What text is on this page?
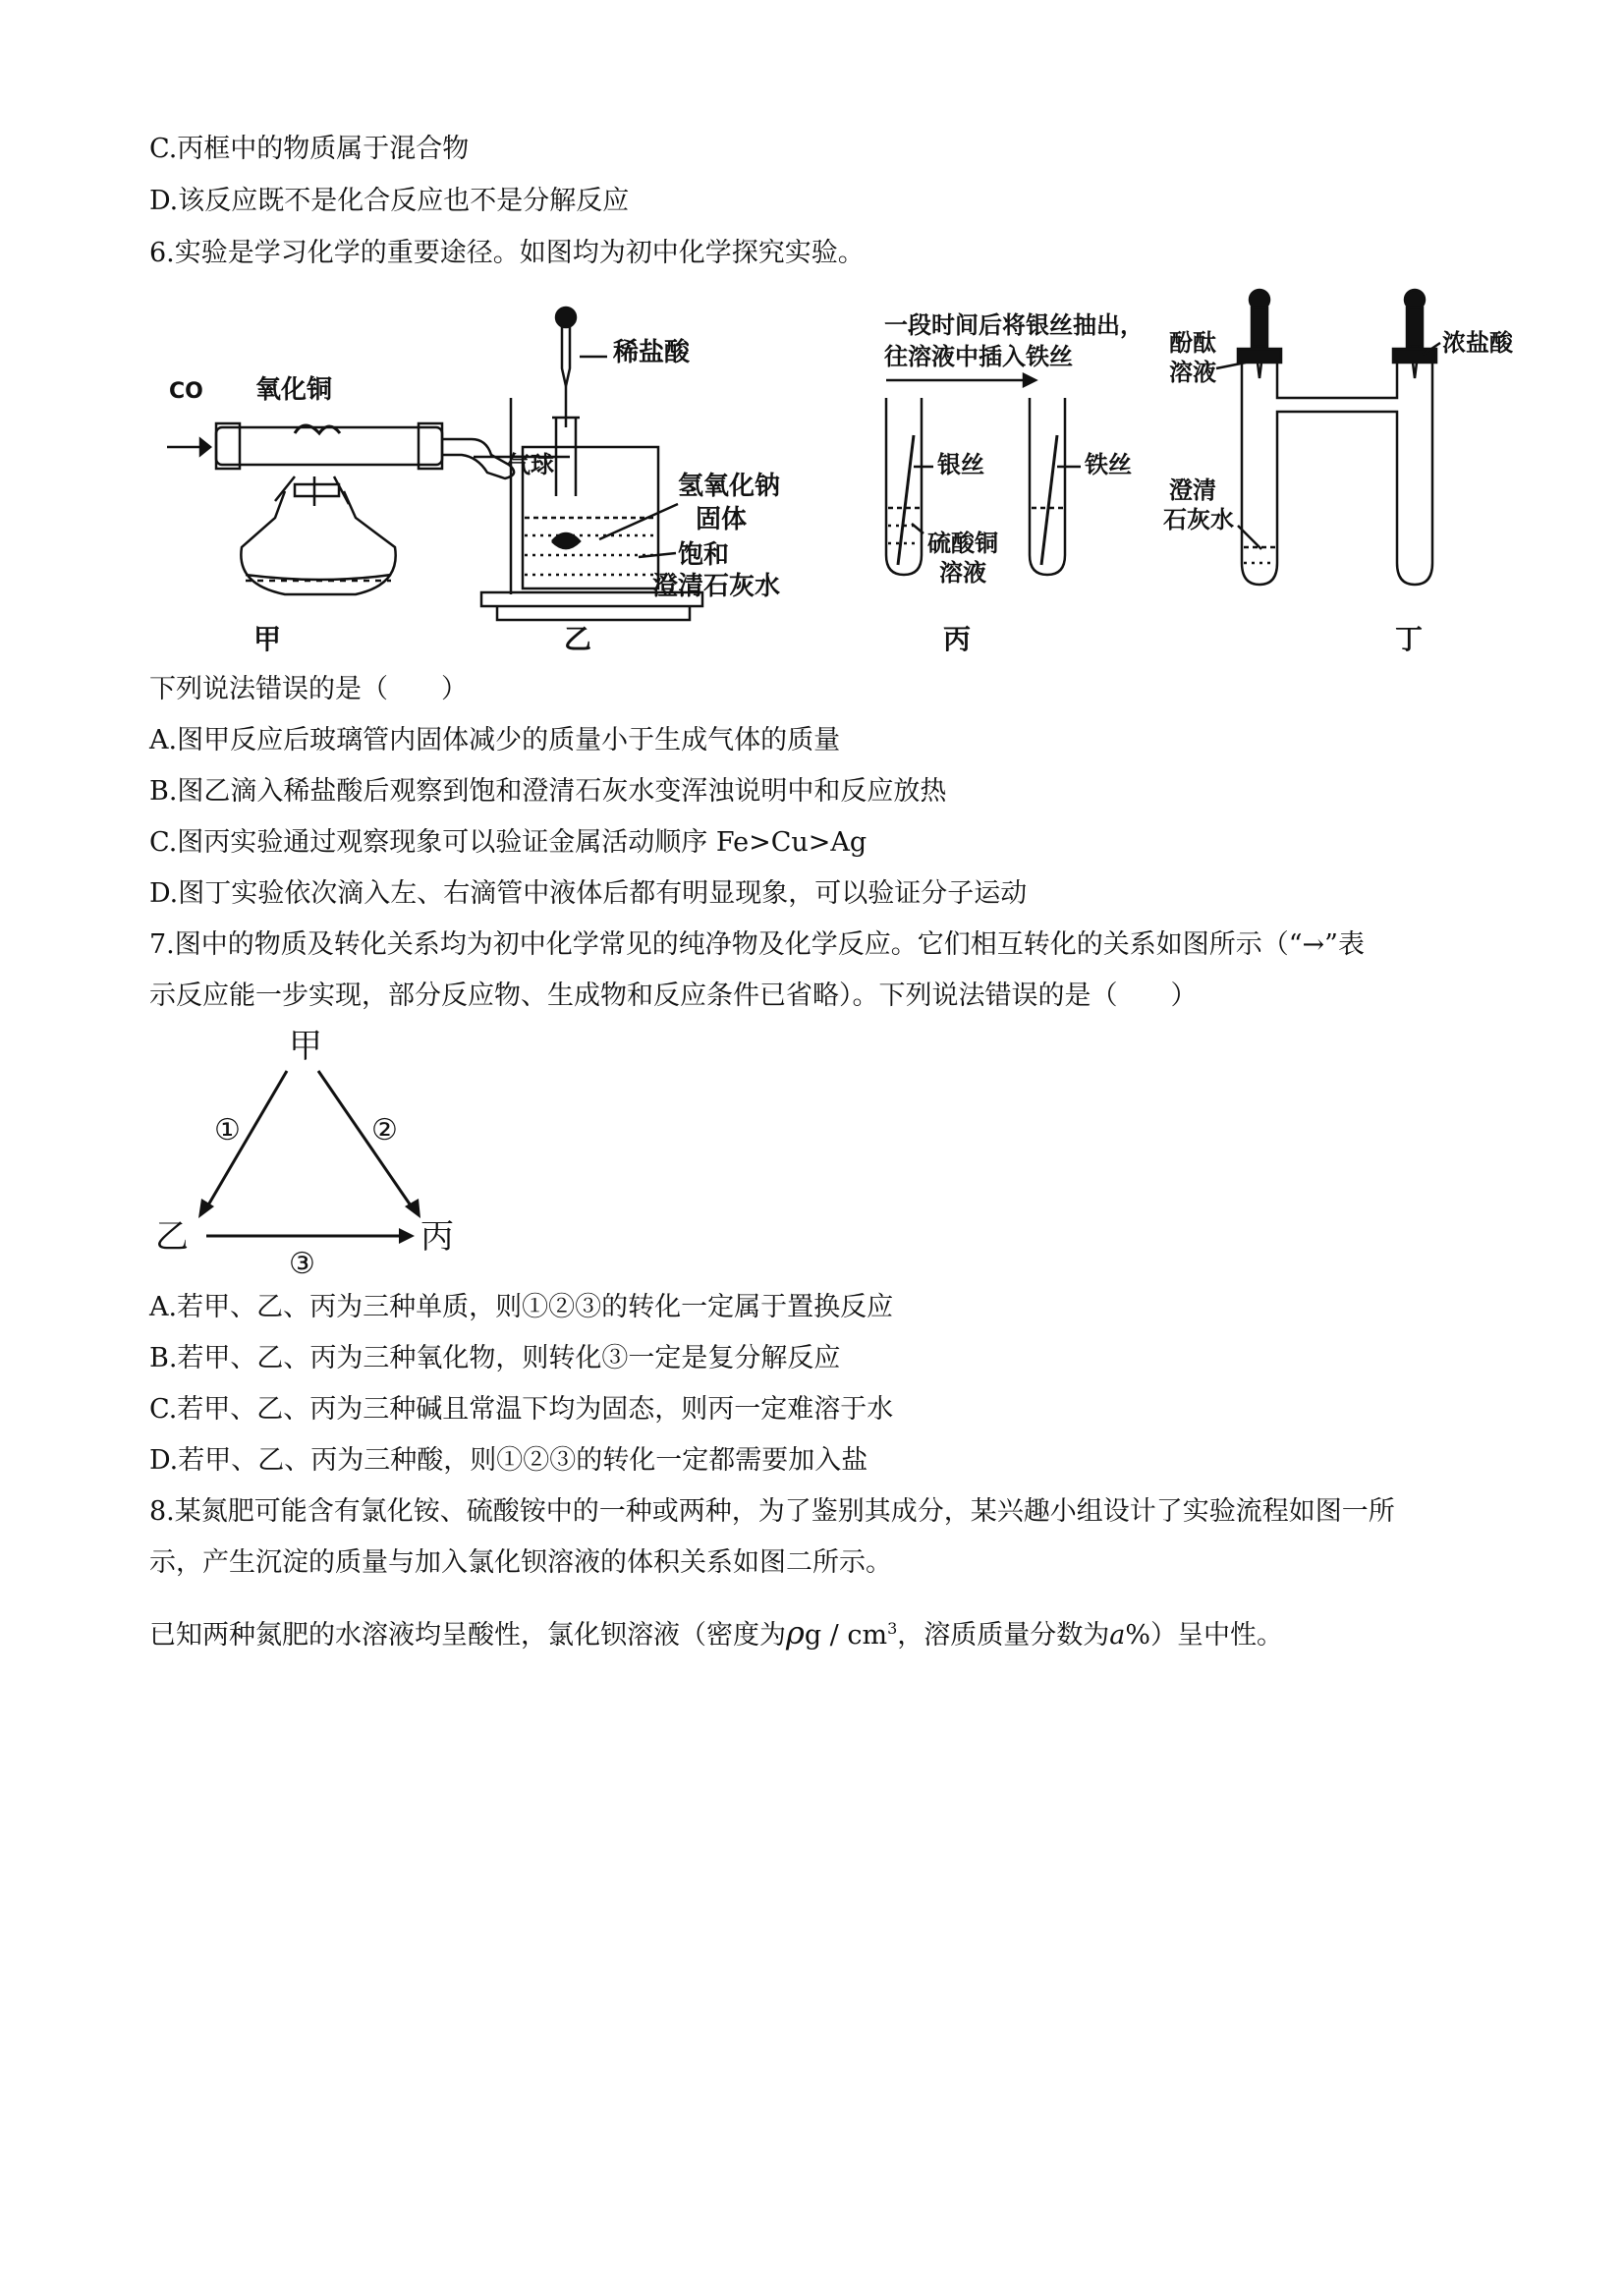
C.丙框中的物质属于混合物
D.该反应既不是化合反应也不是分解反应
6.实验是学习化学的重要途径。如图均为初中化学探究实验。
CO 氧化铜
气球
甲
稀盐酸
氢氧化钠
固体
饱和
澄清石灰水
乙
一段时间后将银丝抽出，
往溶液中插入铁丝
银丝
硫酸铜
溶液
铁丝
丙
酚酞
溶液
浓盐酸
澄清
石灰水
丁
下列说法错误的是（　　）
A.图甲反应后玻璃管内固体减少的质量小于生成气体的质量
B.图乙滴入稀盐酸后观察到饱和澄清石灰水变浑浊说明中和反应放热
C.图丙实验通过观察现象可以验证金属活动顺序 Fe>Cu>Ag
D.图丁实验依次滴入左、右滴管中液体后都有明显现象，可以验证分子运动
7.图中的物质及转化关系均为初中化学常见的纯净物及化学反应。它们相互转化的关系如图所示（“→”表
示反应能一步实现，部分反应物、生成物和反应条件已省略）。下列说法错误的是（　　）
甲
乙	丙
①	②
③
A.若甲、乙、丙为三种单质，则①②③的转化一定属于置换反应
B.若甲、乙、丙为三种氧化物，则转化③一定是复分解反应
C.若甲、乙、丙为三种碱且常温下均为固态，则丙一定难溶于水
D.若甲、乙、丙为三种酸，则①②③的转化一定都需要加入盐
8.某氮肥可能含有氯化铵、硫酸铵中的一种或两种，为了鉴别其成分，某兴趣小组设计了实验流程如图一所
示，产生沉淀的质量与加入氯化钡溶液的体积关系如图二所示。
已知两种氮肥的水溶液均呈酸性，氯化钡溶液（密度为ρg / $cm^3$，溶质质量分数为a%）呈中性。
